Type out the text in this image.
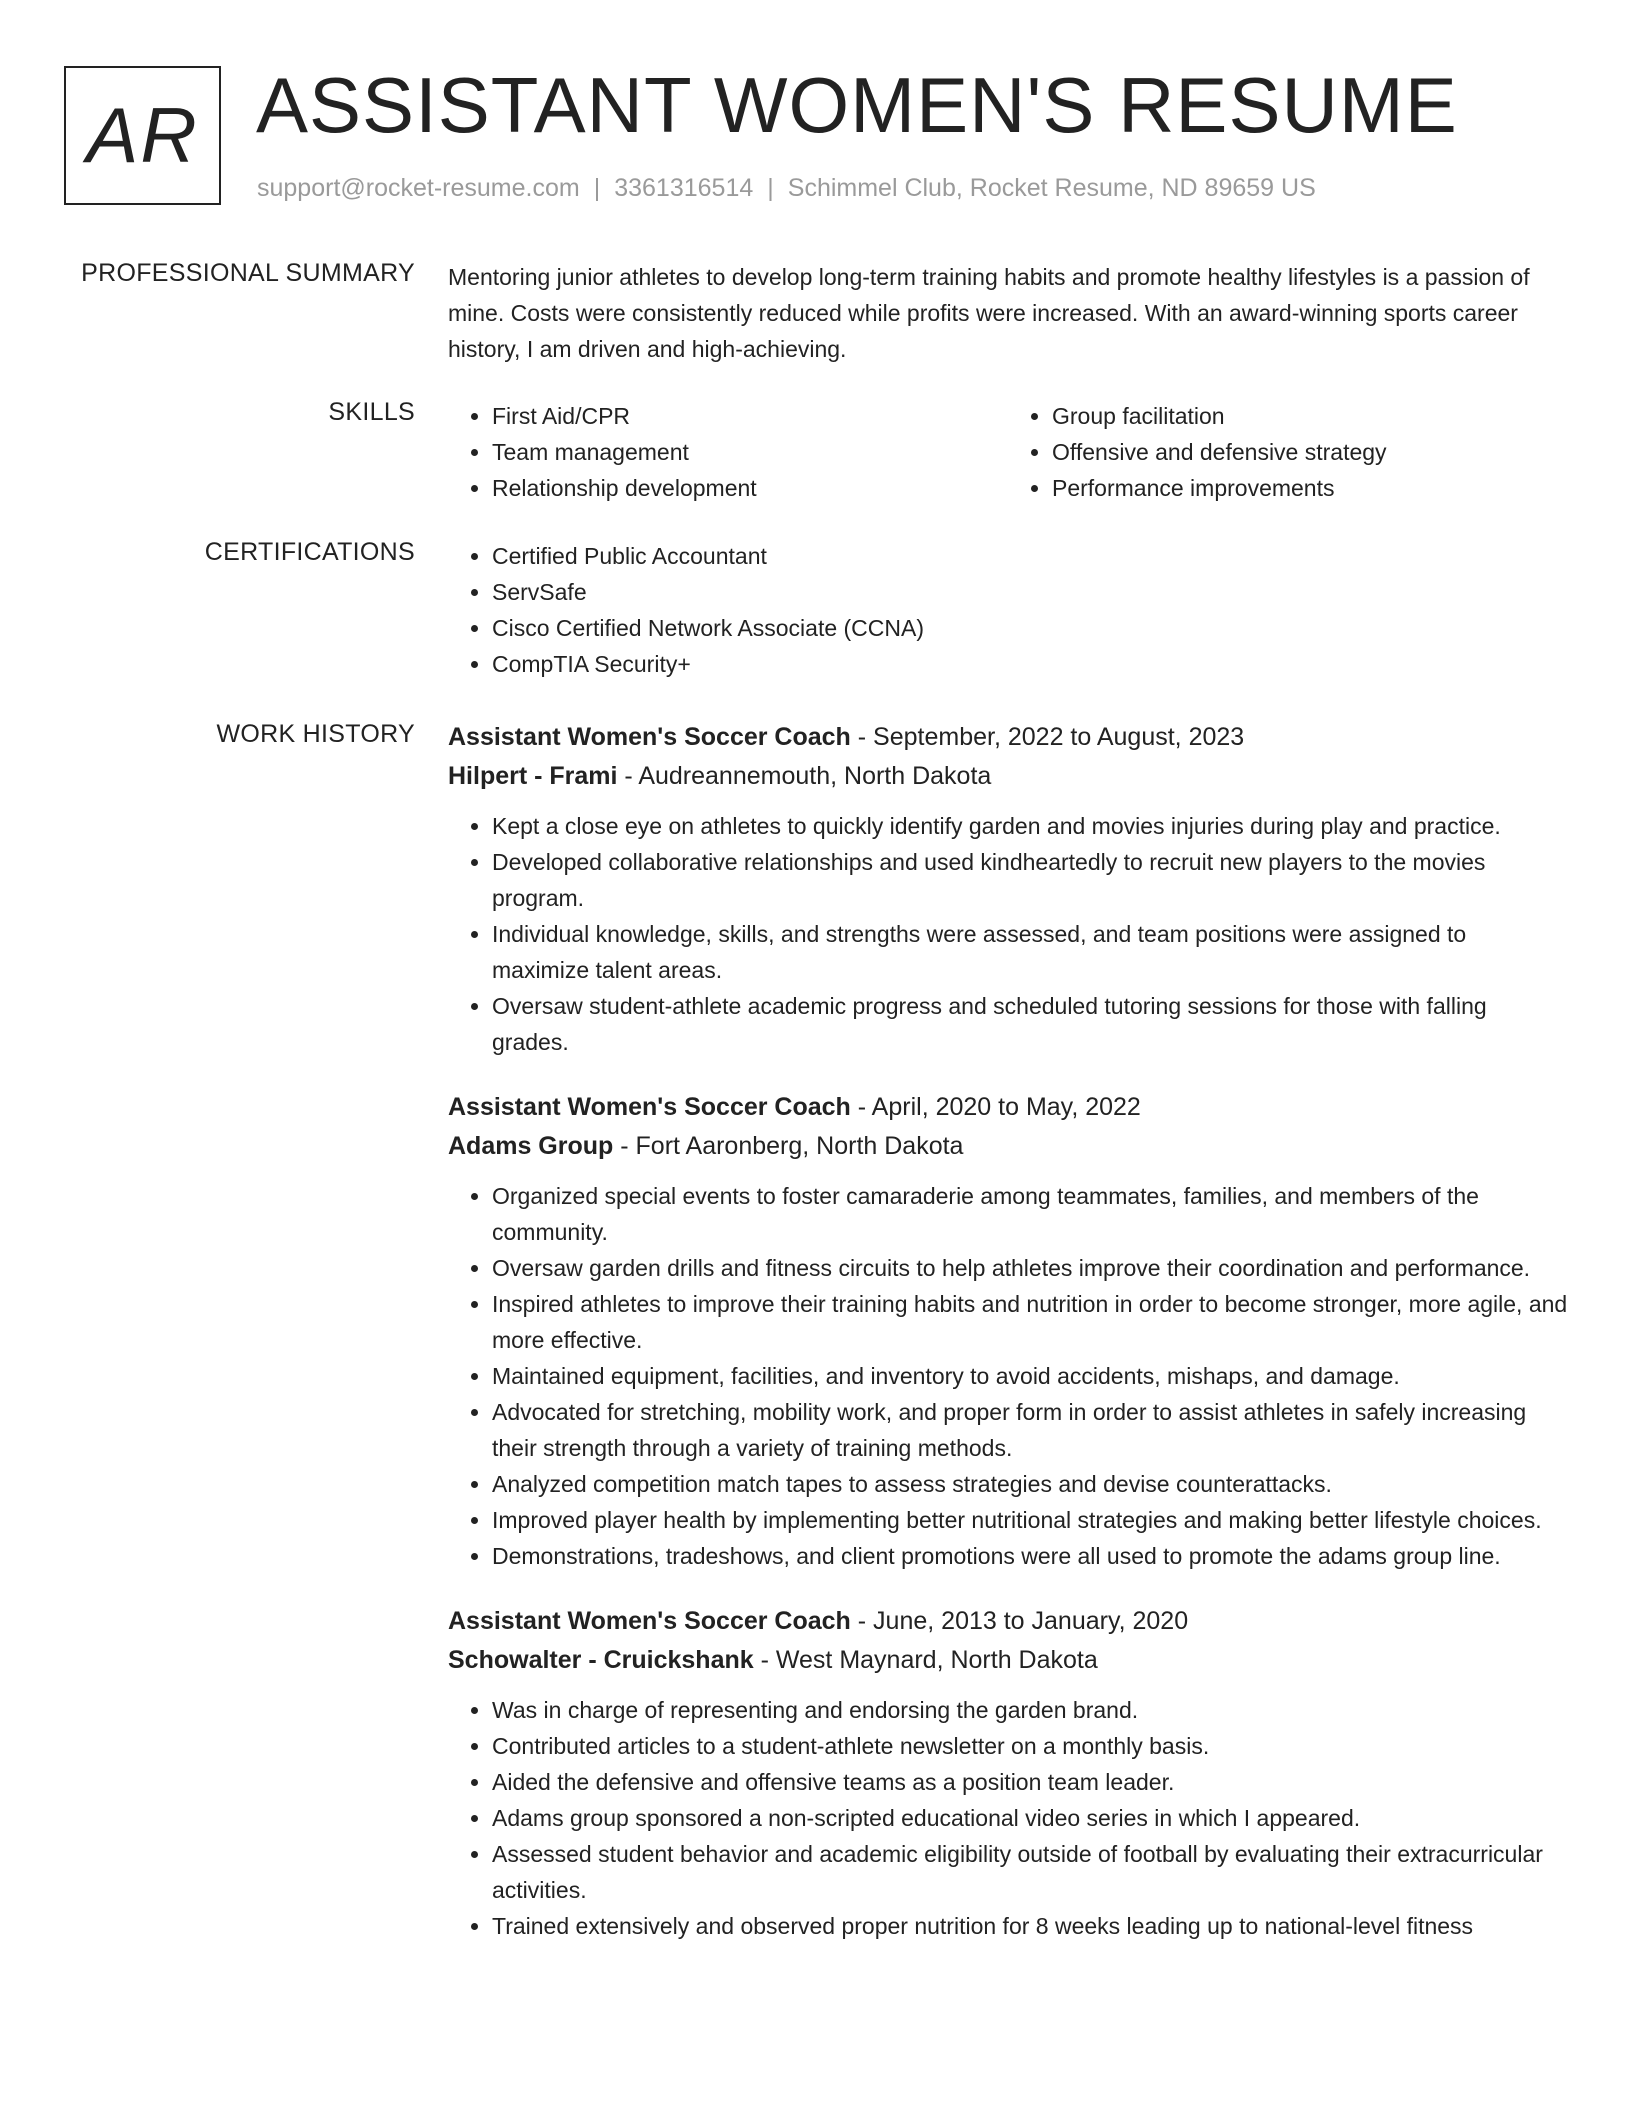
AR ASSISTANT WOMEN'S RESUME
support@rocket-resume.com | 3361316514 | Schimmel Club, Rocket Resume, ND 89659 US
PROFESSIONAL SUMMARY Mentoring junior athletes to develop long-term training habits and promote healthy lifestyles is a passion of mine. Costs were consistently reduced while profits were increased. With an award-winning sports career history, I am driven and high-achieving.

SKILLS	• First Aid/CPR
• Team management
• Relationship development
• Group facilitation
• Offensive and defensive strategy
• Performance improvements
CERTIFICATIONS	• Certified Public Accountant
• ServSafe
• Cisco Certified Network Associate (CCNA)
• CompTIA Security+
WORK HISTORY Assistant Women's Soccer Coach - September, 2022 to August, 2023
Hilpert - Frami - Audreannemouth, North Dakota
• Kept a close eye on athletes to quickly identify garden and movies injuries during play and practice.
• Developed collaborative relationships and used kindheartedly to recruit new players to the movies program.
• Individual knowledge, skills, and strengths were assessed, and team positions were assigned to maximize talent areas.
• Oversaw student-athlete academic progress and scheduled tutoring sessions for those with falling grades.
Assistant Women's Soccer Coach - April, 2020 to May, 2022
Adams Group - Fort Aaronberg, North Dakota
• Organized special events to foster camaraderie among teammates, families, and members of the community.
• Oversaw garden drills and fitness circuits to help athletes improve their coordination and performance.
• Inspired athletes to improve their training habits and nutrition in order to become stronger, more agile, and more effective.
• Maintained equipment, facilities, and inventory to avoid accidents, mishaps, and damage.
• Advocated for stretching, mobility work, and proper form in order to assist athletes in safely increasing their strength through a variety of training methods.
• Analyzed competition match tapes to assess strategies and devise counterattacks.
• Improved player health by implementing better nutritional strategies and making better lifestyle choices.
• Demonstrations, tradeshows, and client promotions were all used to promote the adams group line.
Assistant Women's Soccer Coach - June, 2013 to January, 2020
Schowalter - Cruickshank - West Maynard, North Dakota
• Was in charge of representing and endorsing the garden brand.
• Contributed articles to a student-athlete newsletter on a monthly basis.
• Aided the defensive and offensive teams as a position team leader.
• Adams group sponsored a non-scripted educational video series in which I appeared.
• Assessed student behavior and academic eligibility outside of football by evaluating their extracurricular activities.
• Trained extensively and observed proper nutrition for 8 weeks leading up to national-level fitness
